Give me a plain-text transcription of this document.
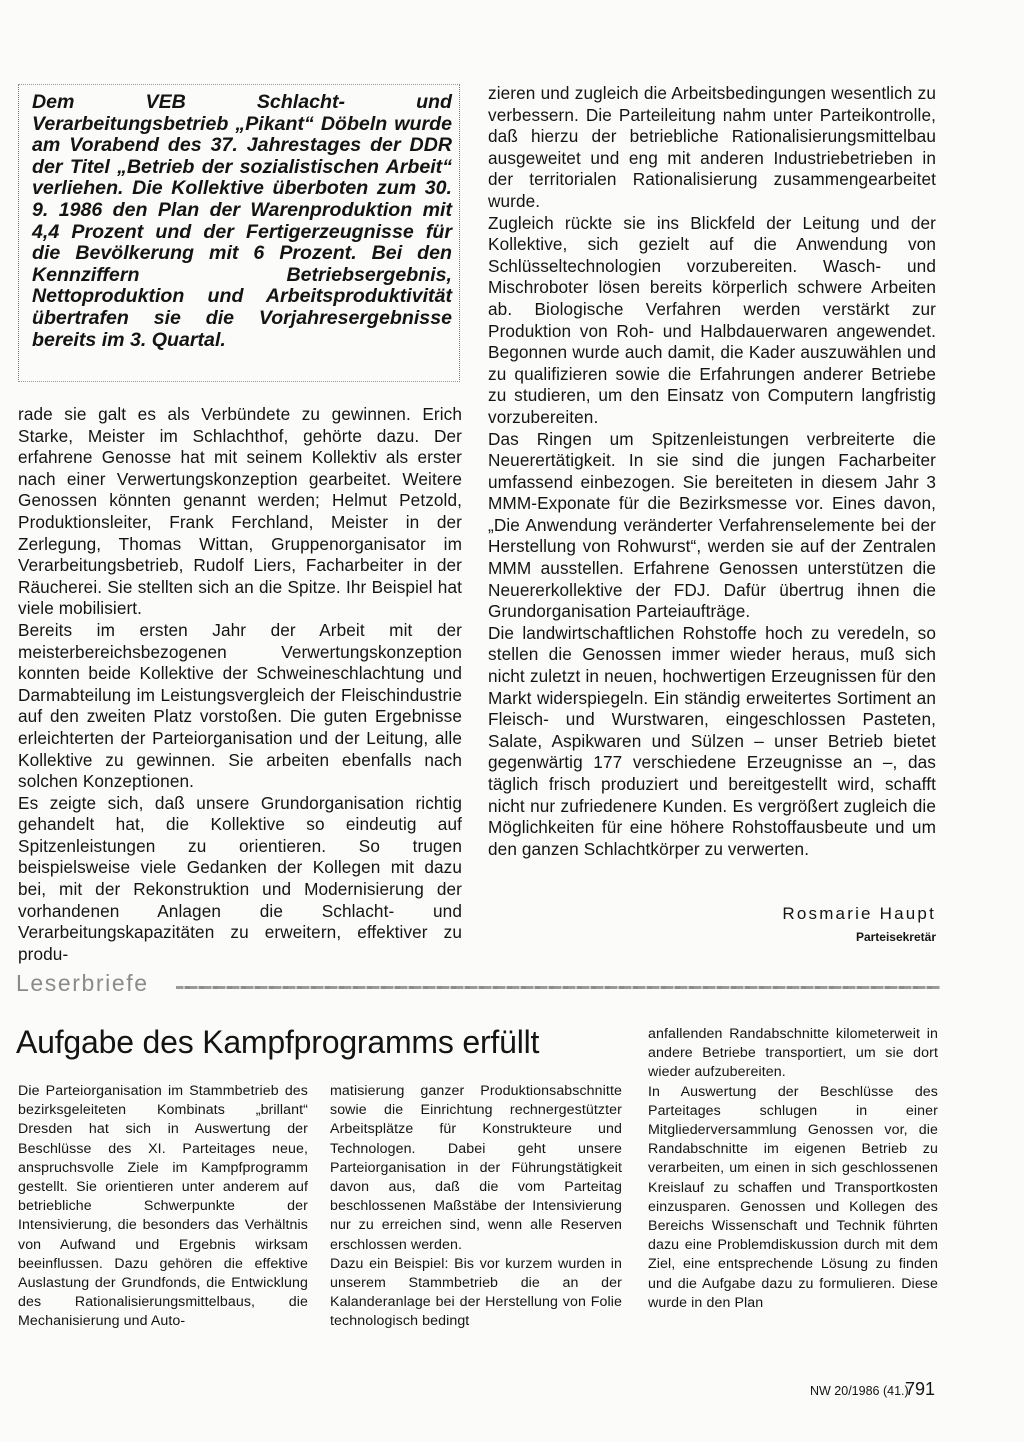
Dem VEB Schlacht- und Verarbeitungsbetrieb „Pikant“ Döbeln wurde am Vorabend des 37. Jahrestages der DDR der Titel „Betrieb der sozialistischen Arbeit“ verliehen. Die Kollektive überboten zum 30. 9. 1986 den Plan der Warenproduktion mit 4,4 Prozent und der Fertigerzeugnisse für die Bevölkerung mit 6 Prozent. Bei den Kennziffern Betriebsergebnis, Nettoproduktion und Arbeitsproduktivität übertrafen sie die Vorjahresergebnisse bereits im 3. Quartal.

rade sie galt es als Verbündete zu gewinnen. Erich Starke, Meister im Schlachthof, gehörte dazu. Der erfahrene Genosse hat mit seinem Kollektiv als erster nach einer Verwertungskonzeption gearbeitet. Weitere Genossen könnten genannt werden; Helmut Petzold, Produktionsleiter, Frank Ferchland, Meister in der Zerlegung, Thomas Wittan, Gruppenorganisator im Verarbeitungsbetrieb, Rudolf Liers, Facharbeiter in der Räucherei. Sie stellten sich an die Spitze. Ihr Beispiel hat viele mobilisiert.

Bereits im ersten Jahr der Arbeit mit der meisterbereichsbezogenen Verwertungskonzeption konnten beide Kollektive der Schweineschlachtung und Darmabteilung im Leistungsvergleich der Fleischindustrie auf den zweiten Platz vorstoßen. Die guten Ergebnisse erleichterten der Parteiorganisation und der Leitung, alle Kollektive zu gewinnen. Sie arbeiten ebenfalls nach solchen Konzeptionen.

Es zeigte sich, daß unsere Grundorganisation richtig gehandelt hat, die Kollektive so eindeutig auf Spitzenleistungen zu orientieren. So trugen beispielsweise viele Gedanken der Kollegen mit dazu bei, mit der Rekonstruktion und Modernisierung der vorhandenen Anlagen die Schlacht- und Verarbeitungskapazitäten zu erweitern, effektiver zu produ-

zieren und zugleich die Arbeitsbedingungen wesentlich zu verbessern. Die Parteileitung nahm unter Parteikontrolle, daß hierzu der betriebliche Rationalisierungsmittelbau ausgeweitet und eng mit anderen Industriebetrieben in der territorialen Rationalisierung zusammengearbeitet wurde.

Zugleich rückte sie ins Blickfeld der Leitung und der Kollektive, sich gezielt auf die Anwendung von Schlüsseltechnologien vorzubereiten. Wasch- und Mischroboter lösen bereits körperlich schwere Arbeiten ab. Biologische Verfahren werden verstärkt zur Produktion von Roh- und Halbdauerwaren angewendet. Begonnen wurde auch damit, die Kader auszuwählen und zu qualifizieren sowie die Erfahrungen anderer Betriebe zu studieren, um den Einsatz von Computern langfristig vorzubereiten.

Das Ringen um Spitzenleistungen verbreiterte die Neuerertätigkeit. In sie sind die jungen Facharbeiter umfassend einbezogen. Sie bereiteten in diesem Jahr 3 MMM-Exponate für die Bezirksmesse vor. Eines davon, „Die Anwendung veränderter Verfahrenselemente bei der Herstellung von Rohwurst“, werden sie auf der Zentralen MMM ausstellen. Erfahrene Genossen unterstützen die Neuererkollektive der FDJ. Dafür übertrug ihnen die Grundorganisation Parteiaufträge.

Die landwirtschaftlichen Rohstoffe hoch zu veredeln, so stellen die Genossen immer wieder heraus, muß sich nicht zuletzt in neuen, hochwertigen Erzeugnissen für den Markt widerspiegeln. Ein ständig erweitertes Sortiment an Fleisch- und Wurstwaren, eingeschlossen Pasteten, Salate, Aspikwaren und Sülzen – unser Betrieb bietet gegenwärtig 177 verschiedene Erzeugnisse an –, das täglich frisch produziert und bereitgestellt wird, schafft nicht nur zufriedenere Kunden. Es vergrößert zugleich die Möglichkeiten für eine höhere Rohstoffausbeute und um den ganzen Schlachtkörper zu verwerten.

Rosmarie Haupt
Parteisekretär
Leserbriefe
Aufgabe des Kampfprogramms erfüllt

Die Parteiorganisation im Stammbetrieb des bezirksgeleiteten Kombinats „brillant“ Dresden hat sich in Auswertung der Beschlüsse des XI. Parteitages neue, anspruchsvolle Ziele im Kampfprogramm gestellt. Sie orientieren unter anderem auf betriebliche Schwerpunkte der Intensivierung, die besonders das Verhältnis von Aufwand und Ergebnis wirksam beeinflussen. Dazu gehören die effektive Auslastung der Grundfonds, die Entwicklung des Rationalisierungsmittelbaus, die Mechanisierung und Auto-

matisierung ganzer Produktionsabschnitte sowie die Einrichtung rechnergestützter Arbeitsplätze für Konstrukteure und Technologen. Dabei geht unsere Parteiorganisation in der Führungstätigkeit davon aus, daß die vom Parteitag beschlossenen Maßstäbe der Intensivierung nur zu erreichen sind, wenn alle Reserven erschlossen werden.

Dazu ein Beispiel: Bis vor kurzem wurden in unserem Stammbetrieb die an der Kalanderanlage bei der Herstellung von Folie technologisch bedingt

anfallenden Randabschnitte kilometerweit in andere Betriebe transportiert, um sie dort wieder aufzubereiten.

In Auswertung der Beschlüsse des Parteitages schlugen in einer Mitgliederversammlung Genossen vor, die Randabschnitte im eigenen Betrieb zu verarbeiten, um einen in sich geschlossenen Kreislauf zu schaffen und Transportkosten einzusparen. Genossen und Kollegen des Bereichs Wissenschaft und Technik führten dazu eine Problemdiskussion durch mit dem Ziel, eine entsprechende Lösung zu finden und die Aufgabe dazu zu formulieren. Diese wurde in den Plan

NW 20/1986 (41.)
791
